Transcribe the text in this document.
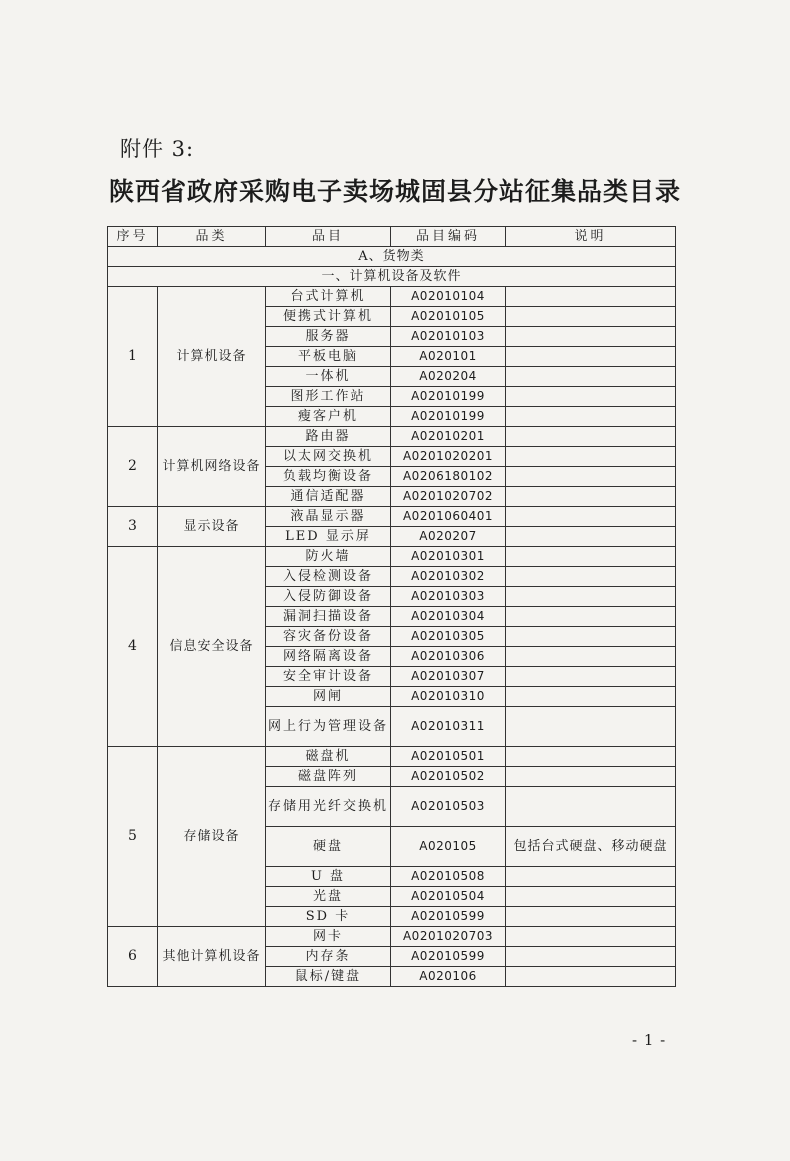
附件 3:
陕西省政府采购电子卖场城固县分站征集品类目录
序号	品类	品目	品目编码	说明
A、货物类				
一、计算机设备及软件				
1	计算机设备	台式计算机	A02010104	
		便携式计算机	A02010105	
		服务器	A02010103	
		平板电脑	A020101	
		一体机	A020204	
		图形工作站	A02010199	
		瘦客户机	A02010199	
2	计算机网络设备	路由器	A02010201	
		以太网交换机	A0201020201	
		负载均衡设备	A0206180102	
		通信适配器	A0201020702	
3	显示设备	液晶显示器	A0201060401	
		LED 显示屏	A020207	
4	信息安全设备	防火墙	A02010301	
		入侵检测设备	A02010302	
		入侵防御设备	A02010303	
		漏洞扫描设备	A02010304	
		容灾备份设备	A02010305	
		网络隔离设备	A02010306	
		安全审计设备	A02010307	
		网闸	A02010310	
		网上行为管理设备	A02010311	
5	存储设备	磁盘机	A02010501	
		磁盘阵列	A02010502	
		存储用光纤交换机	A02010503	
		硬盘	A020105	包括台式硬盘、移动硬盘
		U 盘	A02010508	
		光盘	A02010504	
		SD 卡	A02010599	
6	其他计算机设备	网卡	A0201020703	
		内存条	A02010599	
		鼠标/键盘	A020106	
- 1 -
